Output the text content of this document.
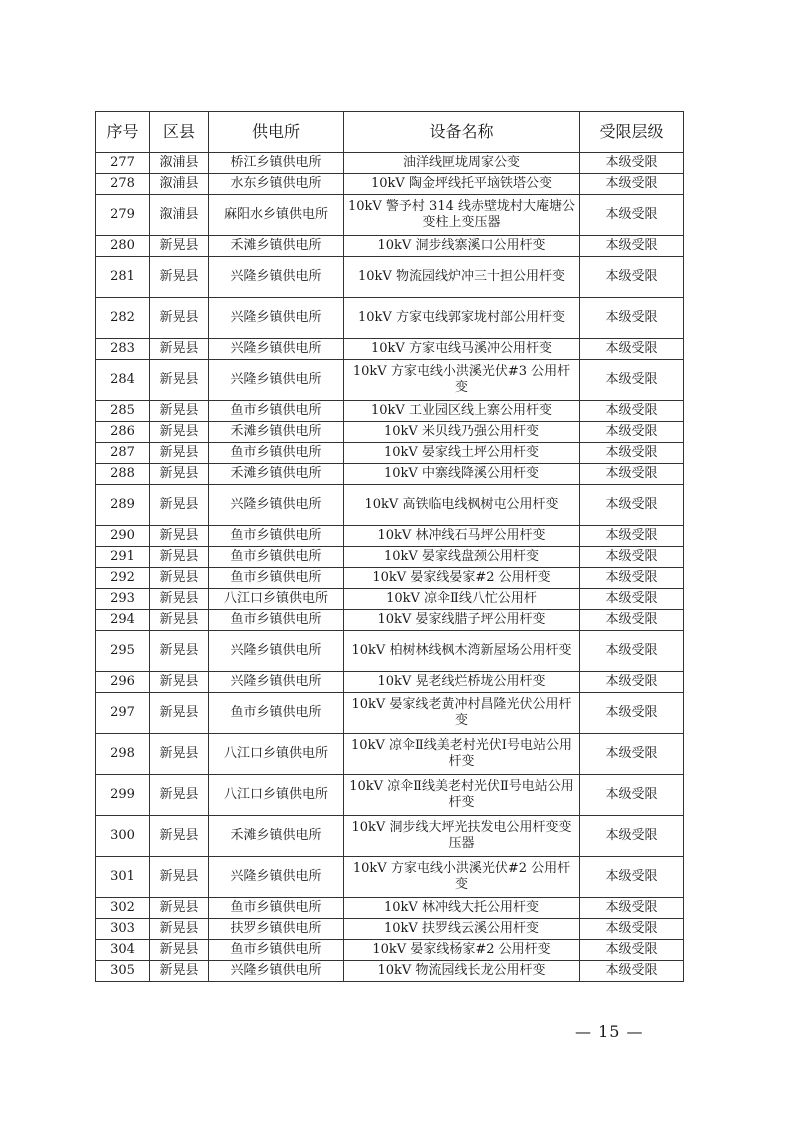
序号	区县	供电所	设备名称	受限层级
277	溆浦县	桥江乡镇供电所	油洋线匣垅周家公变	本级受限
278	溆浦县	水东乡镇供电所	10kV 陶金坪线托平垴铁塔公变	本级受限
279	溆浦县	麻阳水乡镇供电所	10kV 警予村 314 线赤壁垅村大庵塘公变柱上变压器	本级受限
280	新晃县	禾滩乡镇供电所	10kV 洞步线寨溪口公用杆变	本级受限
281	新晃县	兴隆乡镇供电所	10kV 物流园线炉冲三十担公用杆变	本级受限
282	新晃县	兴隆乡镇供电所	10kV 方家屯线郭家垅村部公用杆变	本级受限
283	新晃县	兴隆乡镇供电所	10kV 方家屯线马溪冲公用杆变	本级受限
284	新晃县	兴隆乡镇供电所	10kV 方家屯线小洪溪光伏#3 公用杆变	本级受限
285	新晃县	鱼市乡镇供电所	10kV 工业园区线上寨公用杆变	本级受限
286	新晃县	禾滩乡镇供电所	10kV 米贝线乃强公用杆变	本级受限
287	新晃县	鱼市乡镇供电所	10kV 晏家线土坪公用杆变	本级受限
288	新晃县	禾滩乡镇供电所	10kV 中寨线降溪公用杆变	本级受限
289	新晃县	兴隆乡镇供电所	10kV 高铁临电线枫树屯公用杆变	本级受限
290	新晃县	鱼市乡镇供电所	10kV 林冲线石马坪公用杆变	本级受限
291	新晃县	鱼市乡镇供电所	10kV 晏家线盘颈公用杆变	本级受限
292	新晃县	鱼市乡镇供电所	10kV 晏家线晏家#2 公用杆变	本级受限
293	新晃县	八江口乡镇供电所	10kV 凉伞Ⅱ线八忙公用杆	本级受限
294	新晃县	鱼市乡镇供电所	10kV 晏家线腊子坪公用杆变	本级受限
295	新晃县	兴隆乡镇供电所	10kV 柏树林线枫木湾新屋场公用杆变	本级受限
296	新晃县	兴隆乡镇供电所	10kV 晃老线烂桥垅公用杆变	本级受限
297	新晃县	鱼市乡镇供电所	10kV 晏家线老黄冲村昌隆光伏公用杆变	本级受限
298	新晃县	八江口乡镇供电所	10kV 凉伞Ⅱ线美老村光伏Ⅰ号电站公用杆变	本级受限
299	新晃县	八江口乡镇供电所	10kV 凉伞Ⅱ线美老村光伏Ⅱ号电站公用杆变	本级受限
300	新晃县	禾滩乡镇供电所	10kV 洞步线大坪光扶发电公用杆变变压器	本级受限
301	新晃县	兴隆乡镇供电所	10kV 方家屯线小洪溪光伏#2 公用杆变	本级受限
302	新晃县	鱼市乡镇供电所	10kV 林冲线大托公用杆变	本级受限
303	新晃县	扶罗乡镇供电所	10kV 扶罗线云溪公用杆变	本级受限
304	新晃县	鱼市乡镇供电所	10kV 晏家线杨家#2 公用杆变	本级受限
305	新晃县	兴隆乡镇供电所	10kV 物流园线长龙公用杆变	本级受限
— 15 —
